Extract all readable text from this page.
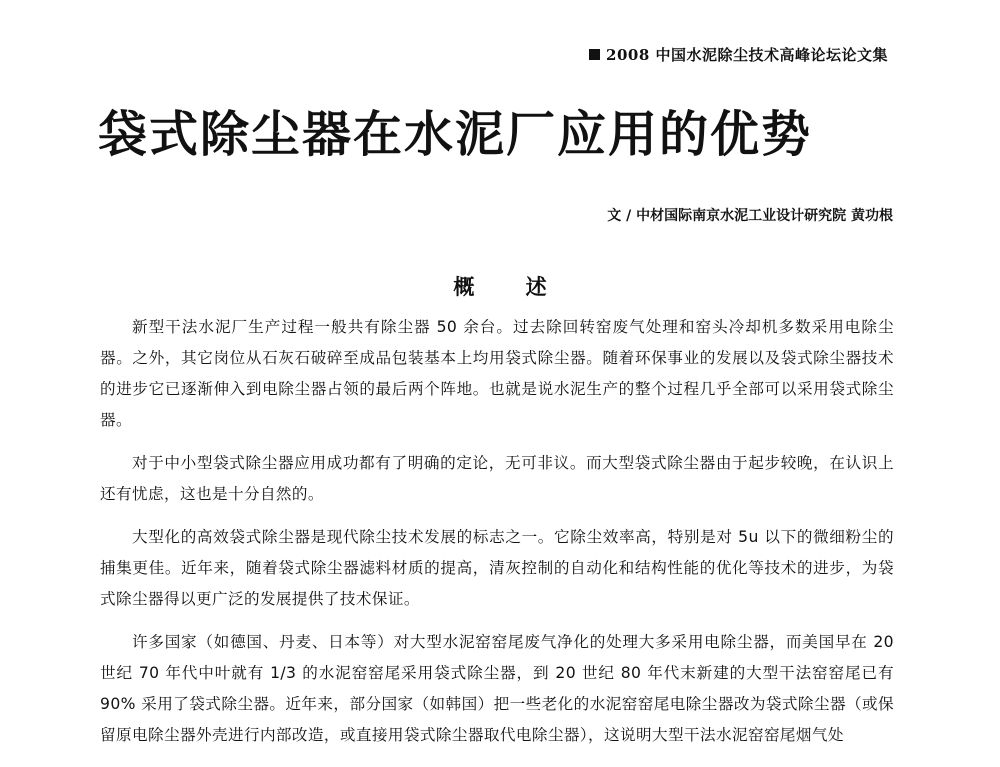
2008 中国水泥除尘技术高峰论坛论文集
袋式除尘器在水泥厂应用的优势
文 / 中材国际南京水泥工业设计研究院 黄功根
概 述

新型干法水泥厂生产过程一般共有除尘器 50 余台。过去除回转窑废气处理和窑头冷却机多数采用电除尘器。之外，其它岗位从石灰石破碎至成品包装基本上均用袋式除尘器。随着环保事业的发展以及袋式除尘器技术的进步它已逐渐伸入到电除尘器占领的最后两个阵地。也就是说水泥生产的整个过程几乎全部可以采用袋式除尘器。

对于中小型袋式除尘器应用成功都有了明确的定论，无可非议。而大型袋式除尘器由于起步较晚，在认识上还有忧虑，这也是十分自然的。

大型化的高效袋式除尘器是现代除尘技术发展的标志之一。它除尘效率高，特别是对 5u 以下的微细粉尘的捕集更佳。近年来，随着袋式除尘器滤料材质的提高，清灰控制的自动化和结构性能的优化等技术的进步，为袋式除尘器得以更广泛的发展提供了技术保证。

许多国家（如德国、丹麦、日本等）对大型水泥窑窑尾废气净化的处理大多采用电除尘器，而美国早在 20 世纪 70 年代中叶就有 1/3 的水泥窑窑尾采用袋式除尘器，到 20 世纪 80 年代末新建的大型干法窑窑尾已有 90% 采用了袋式除尘器。近年来，部分国家（如韩国）把一些老化的水泥窑窑尾电除尘器改为袋式除尘器（或保留原电除尘器外壳进行内部改造，或直接用袋式除尘器取代电除尘器），这说明大型干法水泥窑窑尾烟气处
